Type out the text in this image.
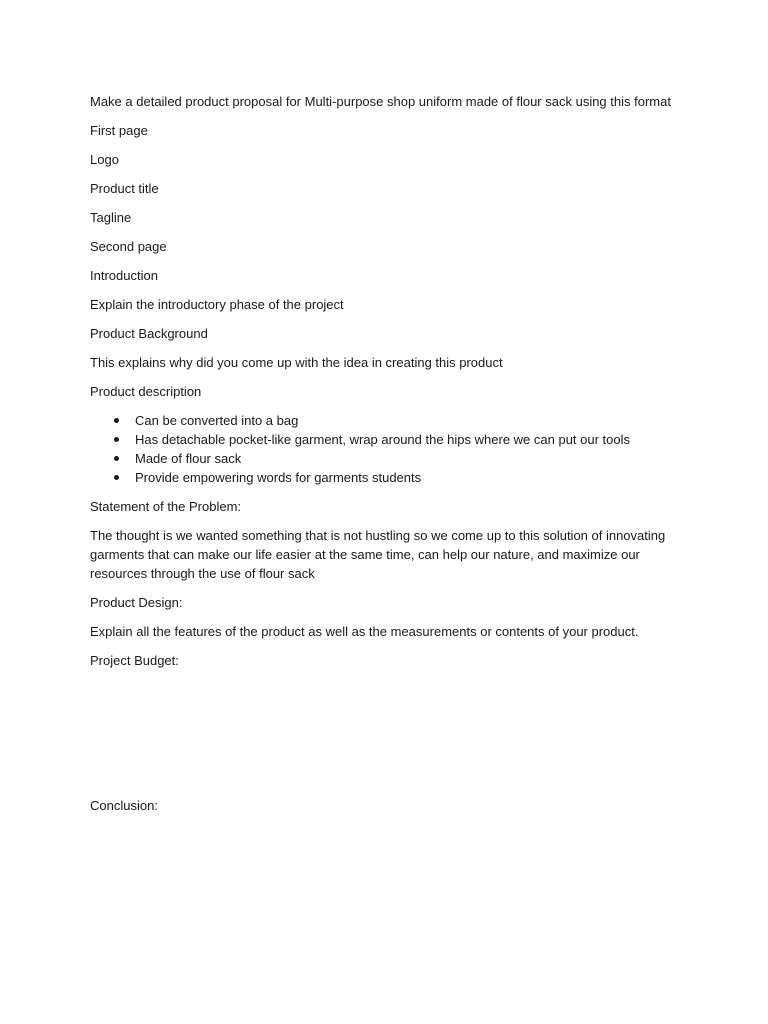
Make a detailed product proposal for Multi-purpose shop uniform made of flour sack using this format

First page

Logo

Product title

Tagline

Second page

Introduction

Explain the introductory phase of the project

Product Background

This explains why did you come up with the idea in creating this product

Product description

Can be converted into a bag
Has detachable pocket-like garment, wrap around the hips where we can put our tools
Made of flour sack
Provide empowering words for garments students

Statement of the Problem:

The thought is we wanted something that is not hustling so we come up to this solution of innovating garments that can make our life easier at the same time, can help our nature, and maximize our resources through the use of flour sack

Product Design:

Explain all the features of the product as well as the measurements or contents of your product.

Project Budget:

Conclusion:
